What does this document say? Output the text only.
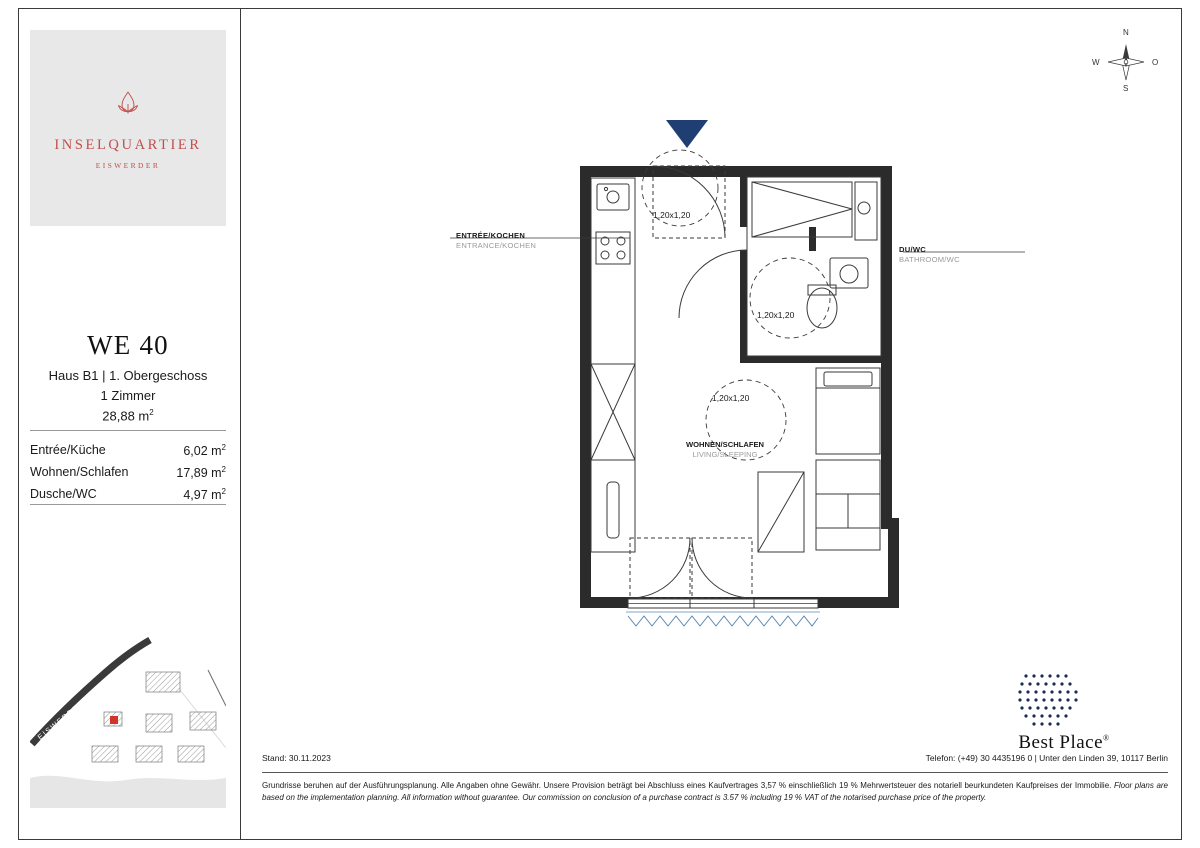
INSELQUARTIER
EISWERDER
WE 40
Haus B1 | 1. Obergeschoss
1 Zimmer
28,88 $m^2$
Entrée/Küche	6,02 $m^2$
Wohnen/Schlafen	17,89 $m^2$
Dusche/WC	4,97 $m^2$
EISWERDERSTR.
N
S
W	O
1,20x1,20
1,20x1,20
1,20x1,20
WOHNEN/SCHLAFEN
LIVING/SLEEPING
ENTRÉE/KOCHEN
ENTRANCE/KOCHEN	DU/WC
BATHROOM/WC
Best Place®
Stand: 30.11.2023	Telefon: (+49) 30 4435196 0 | Unter den Linden 39, 10117 Berlin
Grundrisse beruhen auf der Ausführungsplanung. Alle Angaben ohne Gewähr. Unsere Provision beträgt bei Abschluss eines Kaufvertrages 3,57 % einschließlich 19 % Mehrwertsteuer des notariell beurkundeten Kaufpreises der Immobilie. Floor plans are based on the implementation planning. All information without guarantee. Our commission on conclusion of a purchase contract is 3.57 % including 19 % VAT of the notarised purchase price of the property.
